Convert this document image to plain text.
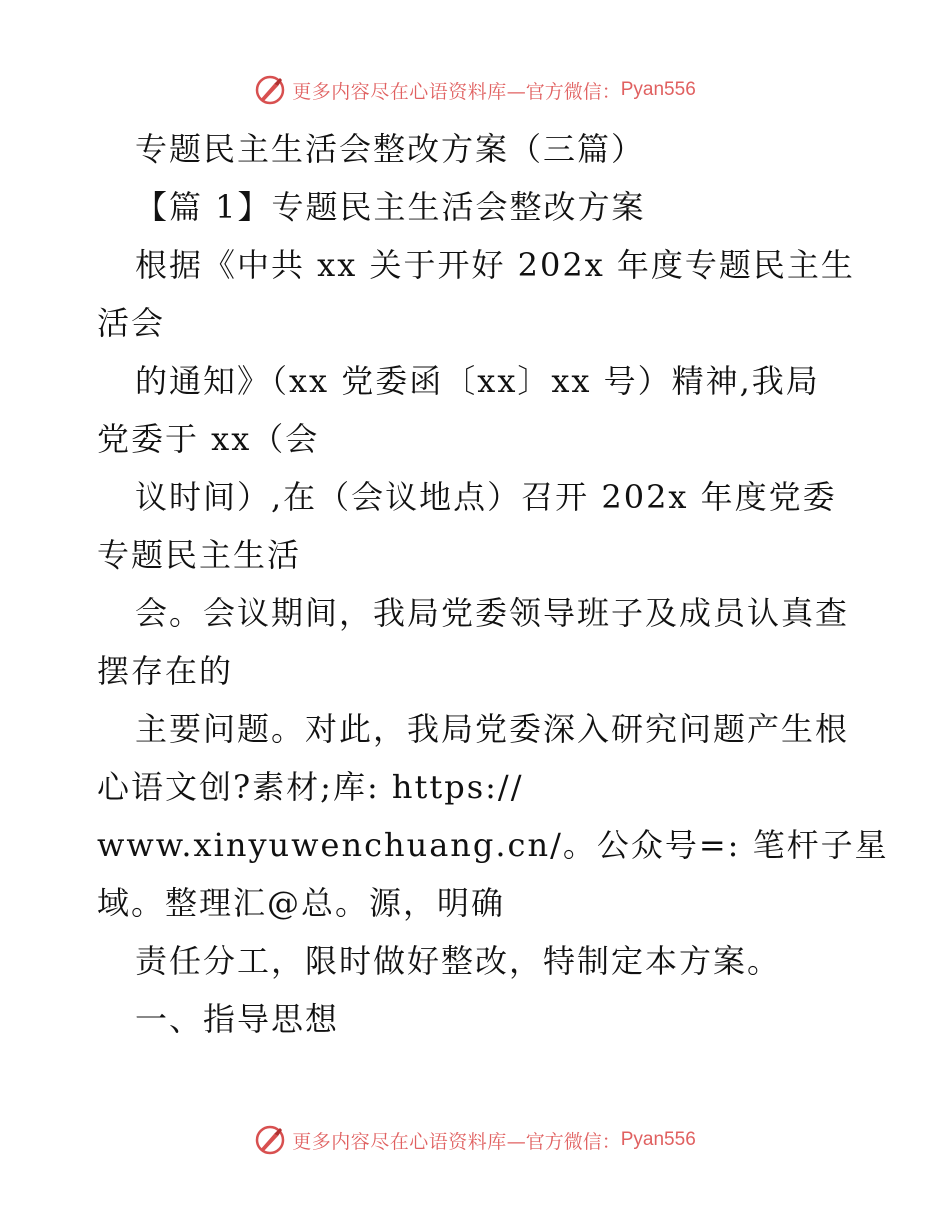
更多内容尽在心语资料库 —官方微信： Pyan556
专题民主生活会整改方案（三篇）
【篇 1】专题民主生活会整改方案
根据《中共 xx 关于开好 202x 年度专题民主生
活会
的通知》（xx 党委函〔xx〕xx 号）精神,我局
党委于 xx（会
议时间）,在（会议地点）召开 202x 年度党委
专题民主生活
会。会议期间，我局党委领导班子及成员认真查
摆存在的
主要问题。对此，我局党委深入研究问题产生根
心语文创?素材;库: https://
www.xinyuwenchuang.cn/。公众号=: 笔杆子星
域。整理汇@总。源，明确
责任分工，限时做好整改，特制定本方案。
一、指导思想
更多内容尽在心语资料库 —官方微信： Pyan556
